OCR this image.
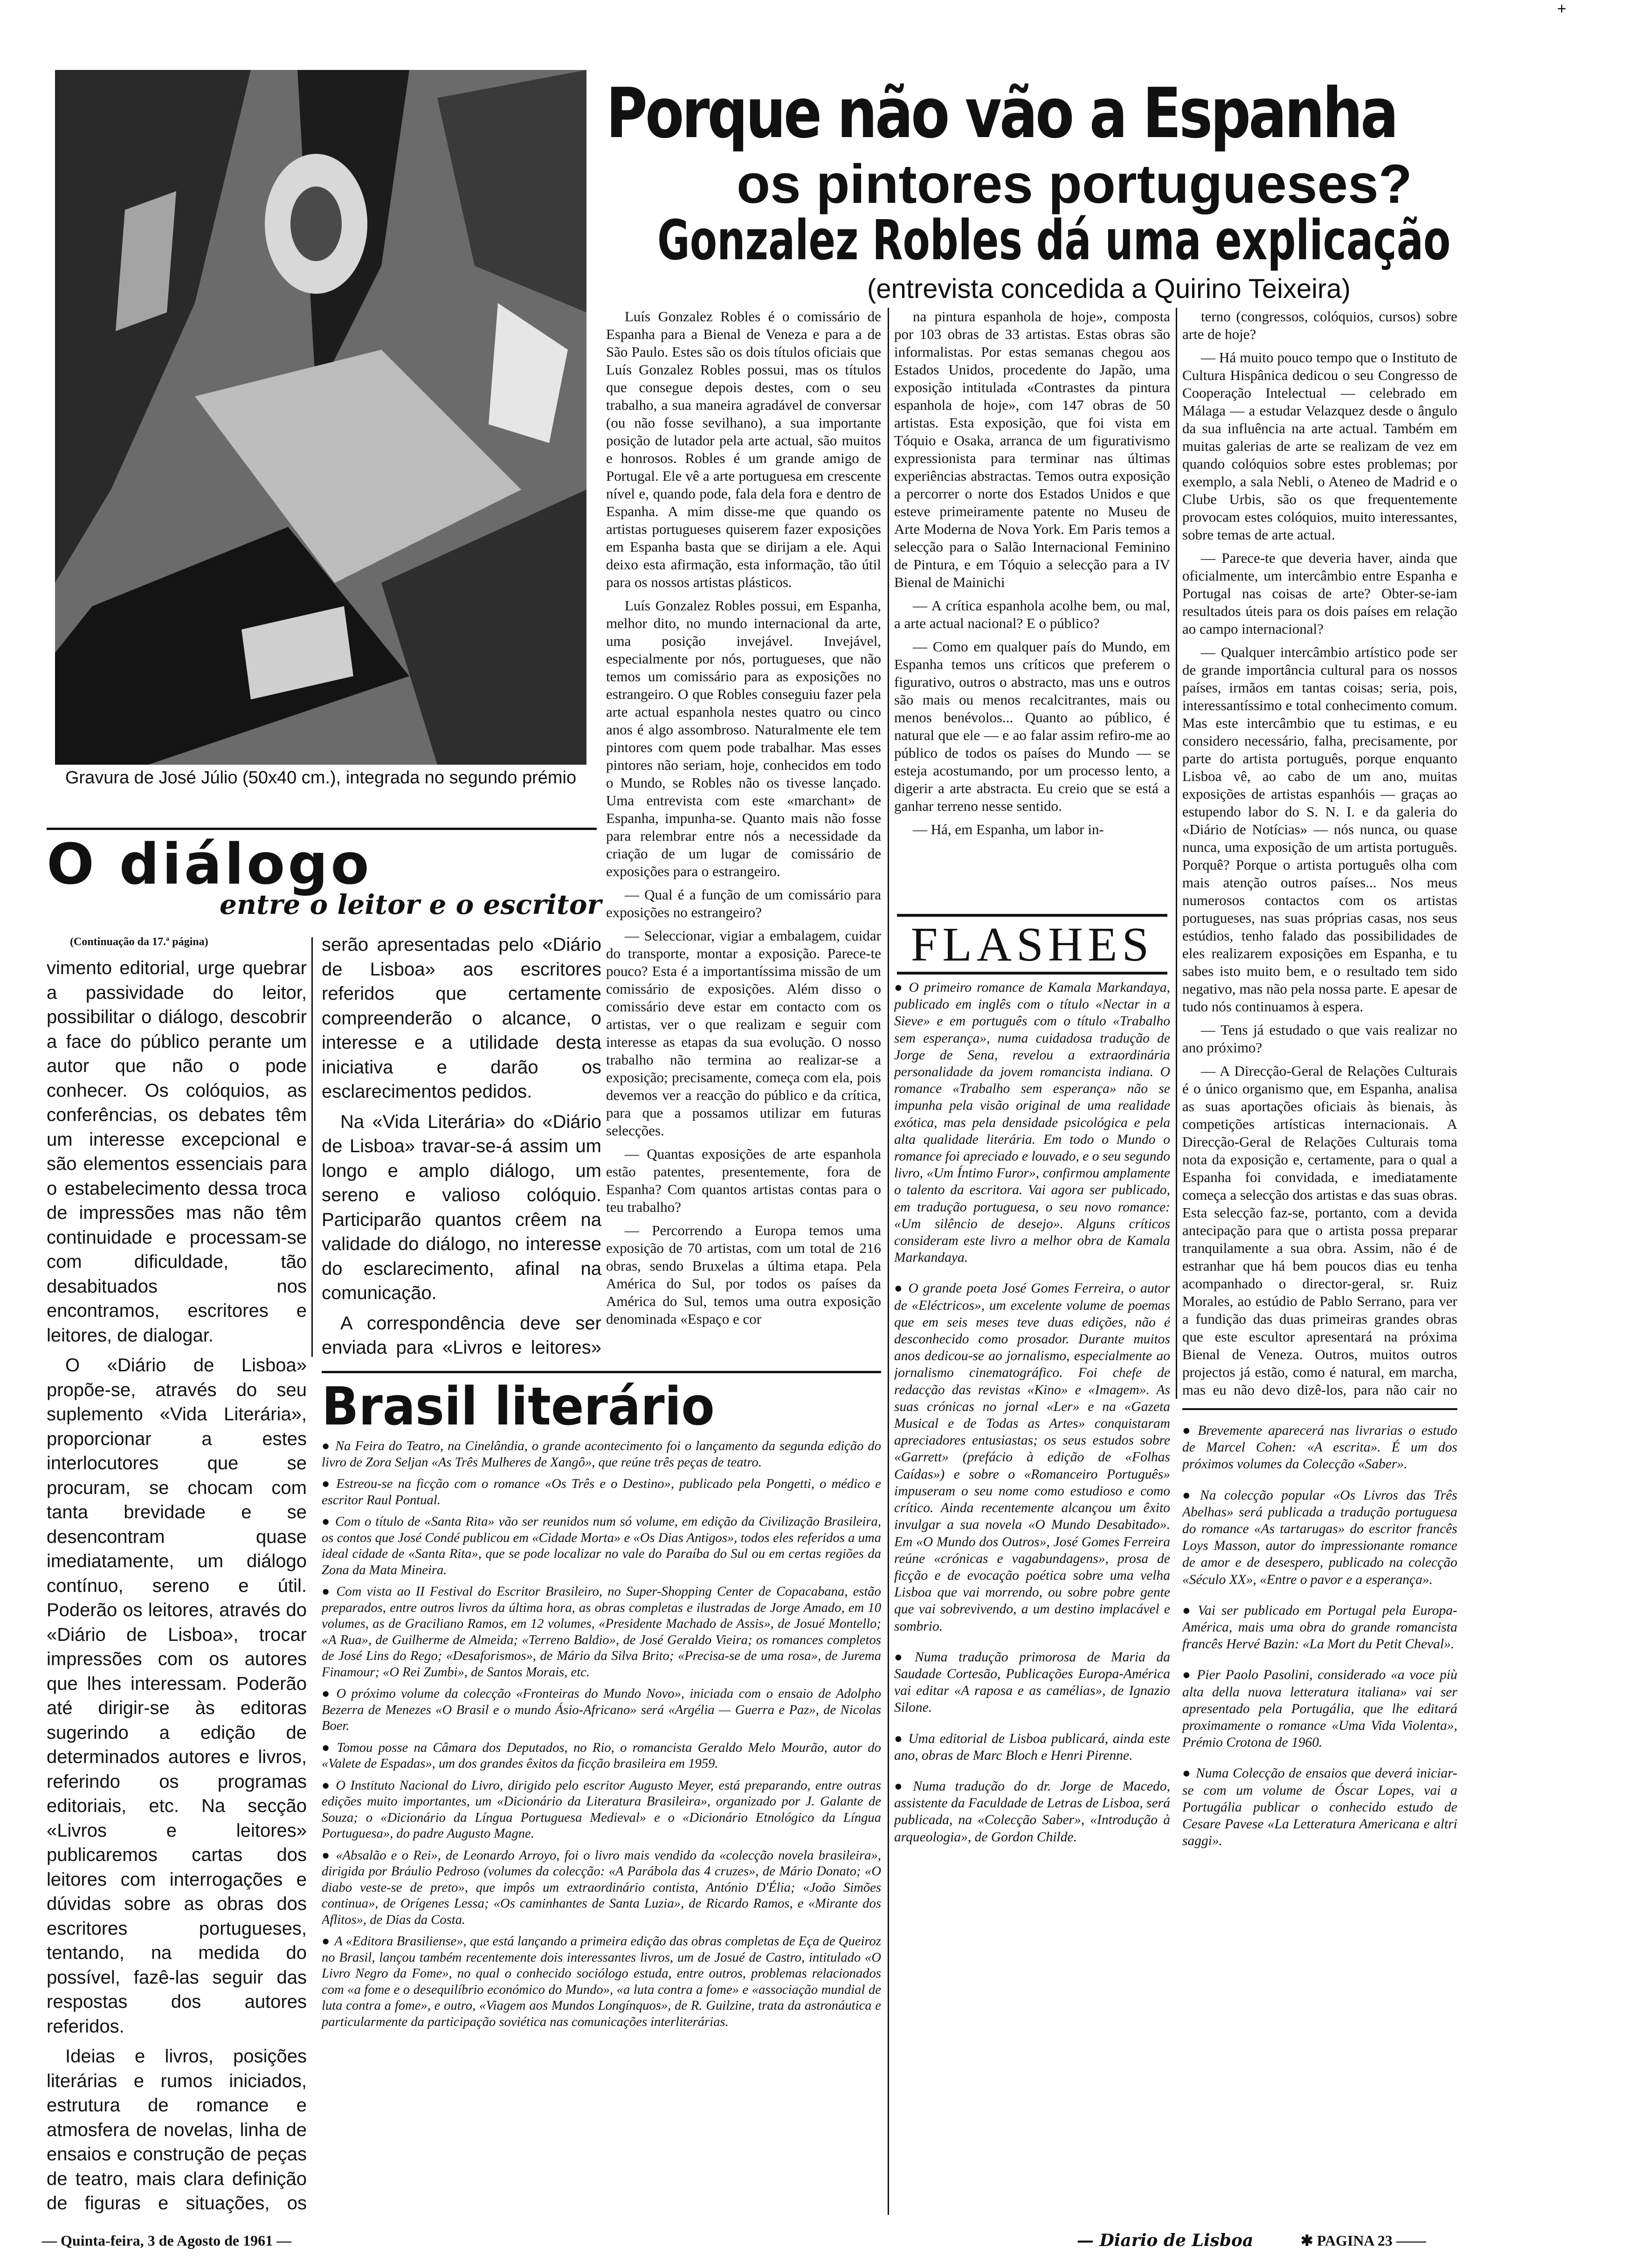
+
Gravura de José Júlio (50x40 cm.), integrada no segundo prémio
Porque não vão a Espanha
os pintores portugueses?
Gonzalez Robles dá uma explicação
(entrevista concedida a Quirino Teixeira)

Luís Gonzalez Robles é o comissário de Espanha para a Bienal de Veneza e para a de São Paulo. Estes são os dois títulos oficiais que Luís Gonzalez Robles possui, mas os títulos que consegue depois destes, com o seu trabalho, a sua maneira agradável de conversar (ou não fosse sevilhano), a sua importante posição de lutador pela arte actual, são muitos e honrosos. Robles é um grande amigo de Portugal. Ele vê a arte portuguesa em crescente nível e, quando pode, fala dela fora e dentro de Espanha. A mim disse-me que quando os artistas portugueses quiserem fazer exposições em Espanha basta que se dirijam a ele. Aqui deixo esta afirmação, esta informação, tão útil para os nossos artistas plásticos.

Luís Gonzalez Robles possui, em Espanha, melhor dito, no mundo internacional da arte, uma posição invejável. Invejável, especialmente por nós, portugueses, que não temos um comissário para as exposições no estrangeiro. O que Robles conseguiu fazer pela arte actual espanhola nestes quatro ou cinco anos é algo assombroso. Naturalmente ele tem pintores com quem pode trabalhar. Mas esses pintores não seriam, hoje, conhecidos em todo o Mundo, se Robles não os tivesse lançado. Uma entrevista com este «marchant» de Espanha, impunha-se. Quanto mais não fosse para relembrar entre nós a necessidade da criação de um lugar de comissário de exposições para o estrangeiro.

— Qual é a função de um comissário para exposições no estrangeiro?

— Seleccionar, vigiar a embalagem, cuidar do transporte, montar a exposição. Parece-te pouco? Esta é a importantíssima missão de um comissário de exposições. Além disso o comissário deve estar em contacto com os artistas, ver o que realizam e seguir com interesse as etapas da sua evolução. O nosso trabalho não termina ao realizar-se a exposição; precisamente, começa com ela, pois devemos ver a reacção do público e da crítica, para que a possamos utilizar em futuras selecções.

— Quantas exposições de arte espanhola estão patentes, presentemente, fora de Espanha? Com quantos artistas contas para o teu trabalho?

— Percorrendo a Europa temos uma exposição de 70 artistas, com um total de 216 obras, sendo Bruxelas a última etapa. Pela América do Sul, por todos os países da América do Sul, temos uma outra exposição denominada «Espaço e cor

na pintura espanhola de hoje», composta por 103 obras de 33 artistas. Estas obras são informalistas. Por estas semanas chegou aos Estados Unidos, procedente do Japão, uma exposição intitulada «Contrastes da pintura espanhola de hoje», com 147 obras de 50 artistas. Esta exposição, que foi vista em Tóquio e Osaka, arranca de um figurativismo expressionista para terminar nas últimas experiências abstractas. Temos outra exposição a percorrer o norte dos Estados Unidos e que esteve primeiramente patente no Museu de Arte Moderna de Nova York. Em Paris temos a selecção para o Salão Internacional Feminino de Pintura, e em Tóquio a selecção para a IV Bienal de Mainichi

— A crítica espanhola acolhe bem, ou mal, a arte actual nacional? E o público?

— Como em qualquer país do Mundo, em Espanha temos uns críticos que preferem o figurativo, outros o abstracto, mas uns e outros são mais ou menos recalcitrantes, mais ou menos benévolos... Quanto ao público, é natural que ele — e ao falar assim refiro-me ao público de todos os países do Mundo — se esteja acostumando, por um processo lento, a digerir a arte abstracta. Eu creio que se está a ganhar terreno nesse sentido.

— Há, em Espanha, um labor in-

terno (congressos, colóquios, cursos) sobre arte de hoje?

— Há muito pouco tempo que o Instituto de Cultura Hispânica dedicou o seu Congresso de Cooperação Intelectual — celebrado em Málaga — a estudar Velazquez desde o ângulo da sua influência na arte actual. Também em muitas galerias de arte se realizam de vez em quando colóquios sobre estes problemas; por exemplo, a sala Nebli, o Ateneo de Madrid e o Clube Urbis, são os que frequentemente provocam estes colóquios, muito interessantes, sobre temas de arte actual.

— Parece-te que deveria haver, ainda que oficialmente, um intercâmbio entre Espanha e Portugal nas coisas de arte? Obter-se-iam resultados úteis para os dois países em relação ao campo internacional?

— Qualquer intercâmbio artístico pode ser de grande importância cultural para os nossos países, irmãos em tantas coisas; seria, pois, interessantíssimo e total conhecimento comum. Mas este intercâmbio que tu estimas, e eu considero necessário, falha, precisamente, por parte do artista português, porque enquanto Lisboa vê, ao cabo de um ano, muitas exposições de artistas espanhóis — graças ao estupendo labor do S. N. I. e da galeria do «Diário de Notícias» — nós nunca, ou quase nunca, uma exposição de um artista português. Porquê? Porque o artista português olha com mais atenção outros países... Nos meus numerosos contactos com os artistas portugueses, nas suas próprias casas, nos seus estúdios, tenho falado das possibilidades de eles realizarem exposições em Espanha, e tu sabes isto muito bem, e o resultado tem sido negativo, mas não pela nossa parte. E apesar de tudo nós continuamos à espera.

— Tens já estudado o que vais realizar no ano próximo?

— A Direcção-Geral de Relações Culturais é o único organismo que, em Espanha, analisa as suas aportações oficiais às bienais, às competições artísticas internacionais. A Direcção-Geral de Relações Culturais toma nota da exposição e, certamente, para o qual a Espanha foi convidada, e imediatamente começa a selecção dos artistas e das suas obras. Esta selecção faz-se, portanto, com a devida antecipação para que o artista possa preparar tranquilamente a sua obra. Assim, não é de estranhar que há bem poucos dias eu tenha acompanhado o director-geral, sr. Ruiz Morales, ao estúdio de Pablo Serrano, para ver a fundição das duas primeiras grandes obras que este escultor apresentará na próxima Bienal de Veneza. Outros, muitos outros projectos já estão, como é natural, em marcha, mas eu não devo dizê-los, para não cair no

O diálogo
entre o leitor e o escritor
(Continuação da 17.ª página)

vimento editorial, urge quebrar a passividade do leitor, possibilitar o diálogo, descobrir a face do público perante um autor que não o pode conhecer. Os colóquios, as conferências, os debates têm um interesse excepcional e são elementos essenciais para o estabelecimento dessa troca de impressões mas não têm continuidade e processam-se com dificuldade, tão desabituados nos encontramos, escritores e leitores, de dialogar.

O «Diário de Lisboa» propõe-se, através do seu suplemento «Vida Literária», proporcionar a estes interlocutores que se procuram, se chocam com tanta brevidade e se desencontram quase imediatamente, um diálogo contínuo, sereno e útil. Poderão os leitores, através do «Diário de Lisboa», trocar impressões com os autores que lhes interessam. Poderão até dirigir-se às editoras sugerindo a edição de determinados autores e livros, referindo os programas editoriais, etc. Na secção «Livros e leitores» publicaremos cartas dos leitores com interrogações e dúvidas sobre as obras dos escritores portugueses, tentando, na medida do possível, fazê-las seguir das respostas dos autores referidos.

Ideias e livros, posições literárias e rumos iniciados, estrutura de romance e atmosfera de novelas, linha de ensaios e construção de peças de teatro, mais clara definição de figuras e situações, os

serão apresentadas pelo «Diário de Lisboa» aos escritores referidos que certamente compreenderão o alcance, o interesse e a utilidade desta iniciativa e darão os esclarecimentos pedidos.

Na «Vida Literária» do «Diário de Lisboa» travar-se-á assim um longo e amplo diálogo, um sereno e valioso colóquio. Participarão quantos crêem na validade do diálogo, no interesse do esclarecimento, afinal na comunicação.

A correspondência deve ser enviada para «Livros e leitores»

Brasil literário

● Na Feira do Teatro, na Cinelândia, o grande acontecimento foi o lançamento da segunda edição do livro de Zora Seljan «As Três Mulheres de Xangô», que reúne três peças de teatro.

● Estreou-se na ficção com o romance «Os Três e o Destino», publicado pela Pongetti, o médico e escritor Raul Pontual.

● Com o título de «Santa Rita» vão ser reunidos num só volume, em edição da Civilização Brasileira, os contos que José Condé publicou em «Cidade Morta» e «Os Dias Antigos», todos eles referidos a uma ideal cidade de «Santa Rita», que se pode localizar no vale do Paraíba do Sul ou em certas regiões da Zona da Mata Mineira.

● Com vista ao II Festival do Escritor Brasileiro, no Super-Shopping Center de Copacabana, estão preparados, entre outros livros da última hora, as obras completas e ilustradas de Jorge Amado, em 10 volumes, as de Graciliano Ramos, em 12 volumes, «Presidente Machado de Assis», de Josué Montello; «A Rua», de Guilherme de Almeida; «Terreno Baldio», de José Geraldo Vieira; os romances completos de José Lins do Rego; «Desaforismos», de Mário da Silva Brito; «Precisa-se de uma rosa», de Jurema Finamour; «O Rei Zumbi», de Santos Morais, etc.

● O próximo volume da colecção «Fronteiras do Mundo Novo», iniciada com o ensaio de Adolpho Bezerra de Menezes «O Brasil e o mundo Ásio-Africano» será «Argélia — Guerra e Paz», de Nicolas Boer.

● Tomou posse na Câmara dos Deputados, no Rio, o romancista Geraldo Melo Mourão, autor do «Valete de Espadas», um dos grandes êxitos da ficção brasileira em 1959.

● O Instituto Nacional do Livro, dirigido pelo escritor Augusto Meyer, está preparando, entre outras edições muito importantes, um «Dicionário da Literatura Brasileira», organizado por J. Galante de Souza; o «Dicionário da Língua Portuguesa Medieval» e o «Dicionário Etnológico da Língua Portuguesa», do padre Augusto Magne.

● «Absalão e o Rei», de Leonardo Arroyo, foi o livro mais vendido da «colecção novela brasileira», dirigida por Bráulio Pedroso (volumes da colecção: «A Parábola das 4 cruzes», de Mário Donato; «O diabo veste-se de preto», que impôs um extraordinário contista, António D'Élia; «João Simões continua», de Orígenes Lessa; «Os caminhantes de Santa Luzia», de Ricardo Ramos, e «Mirante dos Aflitos», de Dias da Costa.

● A «Editora Brasiliense», que está lançando a primeira edição das obras completas de Eça de Queiroz no Brasil, lançou também recentemente dois interessantes livros, um de Josué de Castro, intitulado «O Livro Negro da Fome», no qual o conhecido sociólogo estuda, entre outros, problemas relacionados com «a fome e o desequilíbrio económico do Mundo», «a luta contra a fome» e «associação mundial de luta contra a fome», e outro, «Viagem aos Mundos Longínquos», de R. Guilzine, trata da astronáutica e particularmente da participação soviética nas comunicações interliterárias.

FLASHES

● O primeiro romance de Kamala Markandaya, publicado em inglês com o título «Nectar in a Sieve» e em português com o título «Trabalho sem esperança», numa cuidadosa tradução de Jorge de Sena, revelou a extraordinária personalidade da jovem romancista indiana. O romance «Trabalho sem esperança» não se impunha pela visão original de uma realidade exótica, mas pela densidade psicológica e pela alta qualidade literária. Em todo o Mundo o romance foi apreciado e louvado, e o seu segundo livro, «Um Íntimo Furor», confirmou amplamente o talento da escritora. Vai agora ser publicado, em tradução portuguesa, o seu novo romance: «Um silêncio de desejo». Alguns críticos consideram este livro a melhor obra de Kamala Markandaya.

● O grande poeta José Gomes Ferreira, o autor de «Eléctricos», um excelente volume de poemas que em seis meses teve duas edições, não é desconhecido como prosador. Durante muitos anos dedicou-se ao jornalismo, especialmente ao jornalismo cinematográfico. Foi chefe de redacção das revistas «Kino» e «Imagem». As suas crónicas no jornal «Ler» e na «Gazeta Musical e de Todas as Artes» conquistaram apreciadores entusiastas; os seus estudos sobre «Garrett» (prefácio à edição de «Folhas Caídas») e sobre o «Romanceiro Português» impuseram o seu nome como estudioso e como crítico. Ainda recentemente alcançou um êxito invulgar a sua novela «O Mundo Desabitado». Em «O Mundo dos Outros», José Gomes Ferreira reúne «crónicas e vagabundagens», prosa de ficção e de evocação poética sobre uma velha Lisboa que vai morrendo, ou sobre pobre gente que vai sobrevivendo, a um destino implacável e sombrio.

● Numa tradução primorosa de Maria da Saudade Cortesão, Publicações Europa-América vai editar «A raposa e as camélias», de Ignazio Silone.

● Uma editorial de Lisboa publicará, ainda este ano, obras de Marc Bloch e Henri Pirenne.

● Numa tradução do dr. Jorge de Macedo, assistente da Faculdade de Letras de Lisboa, será publicada, na «Colecção Saber», «Introdução à arqueologia», de Gordon Childe.

● Brevemente aparecerá nas livrarias o estudo de Marcel Cohen: «A escrita». É um dos próximos volumes da Colecção «Saber».

● Na colecção popular «Os Livros das Três Abelhas» será publicada a tradução portuguesa do romance «As tartarugas» do escritor francês Loys Masson, autor do impressionante romance de amor e de desespero, publicado na colecção «Século XX», «Entre o pavor e a esperança».

● Vai ser publicado em Portugal pela Europa-América, mais uma obra do grande romancista francês Hervé Bazin: «La Mort du Petit Cheval».

● Pier Paolo Pasolini, considerado «a voce più alta della nuova letteratura italiana» vai ser apresentado pela Portugália, que lhe editará proximamente o romance «Uma Vida Violenta», Prémio Crotona de 1960.

● Numa Colecção de ensaios que deverá iniciar-se com um volume de Óscar Lopes, vai a Portugália publicar o conhecido estudo de Cesare Pavese «La Letteratura Americana e altri saggi».

— Quinta-feira, 3 de Agosto de 1961 —	— Diario de Lisboa	✱ PAGINA 23 ——
